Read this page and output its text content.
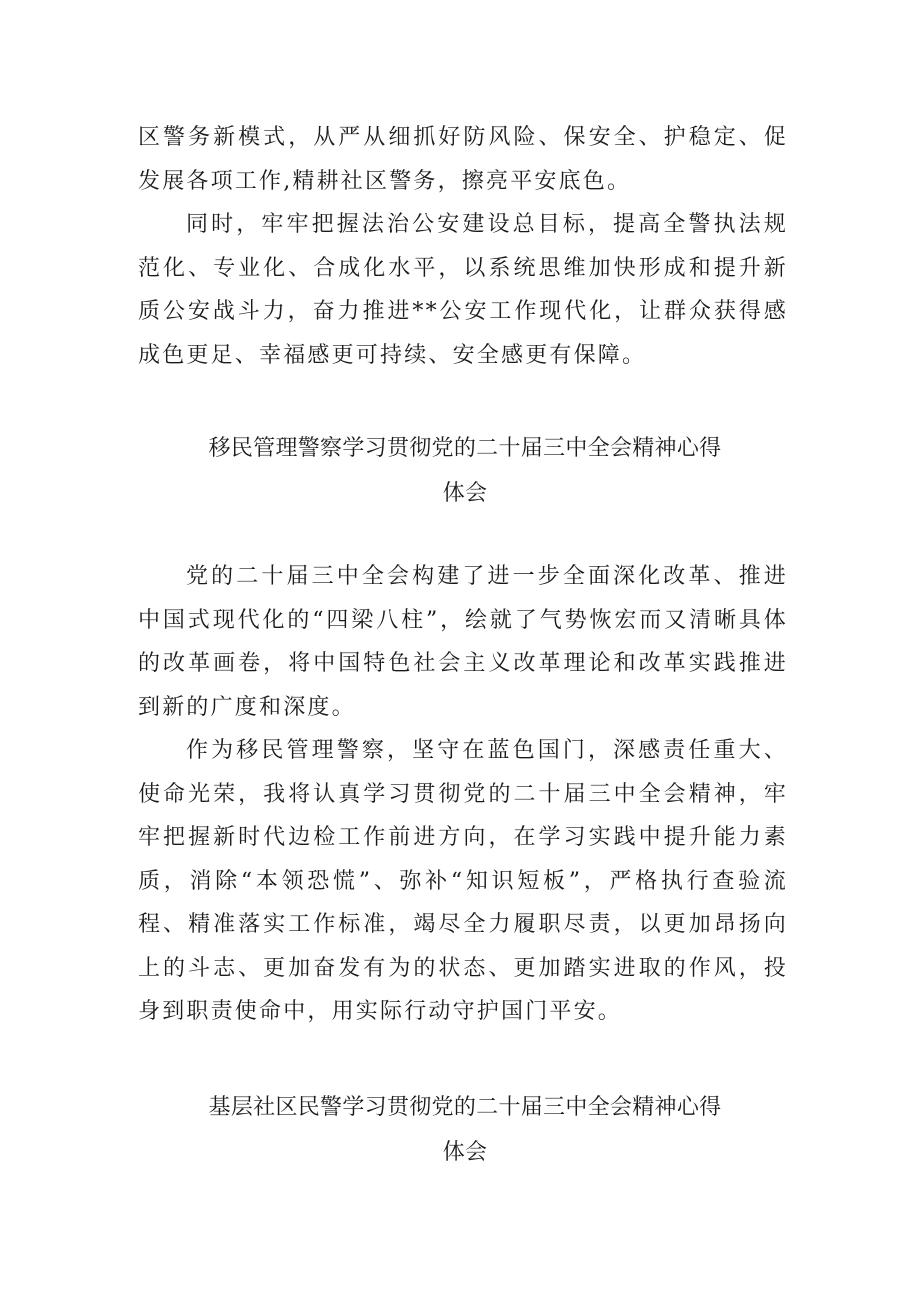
区警务新模式，从严从细抓好防风险、保安全、护稳定、促发展各项工作,精耕社区警务，擦亮平安底色。

同时，牢牢把握法治公安建设总目标，提高全警执法规范化、专业化、合成化水平，以系统思维加快形成和提升新质公安战斗力，奋力推进**公安工作现代化，让群众获得感成色更足、幸福感更可持续、安全感更有保障。

移民管理警察学习贯彻党的二十届三中全会精神心得
体会

党的二十届三中全会构建了进一步全面深化改革、推进中国式现代化的“四梁八柱”，绘就了气势恢宏而又清晰具体的改革画卷，将中国特色社会主义改革理论和改革实践推进到新的广度和深度。

作为移民管理警察，坚守在蓝色国门，深感责任重大、使命光荣，我将认真学习贯彻党的二十届三中全会精神，牢牢把握新时代边检工作前进方向，在学习实践中提升能力素质，消除“本领恐慌”、弥补“知识短板”，严格执行查验流程、精准落实工作标准，竭尽全力履职尽责，以更加昂扬向上的斗志、更加奋发有为的状态、更加踏实进取的作风，投身到职责使命中，用实际行动守护国门平安。

基层社区民警学习贯彻党的二十届三中全会精神心得
体会
